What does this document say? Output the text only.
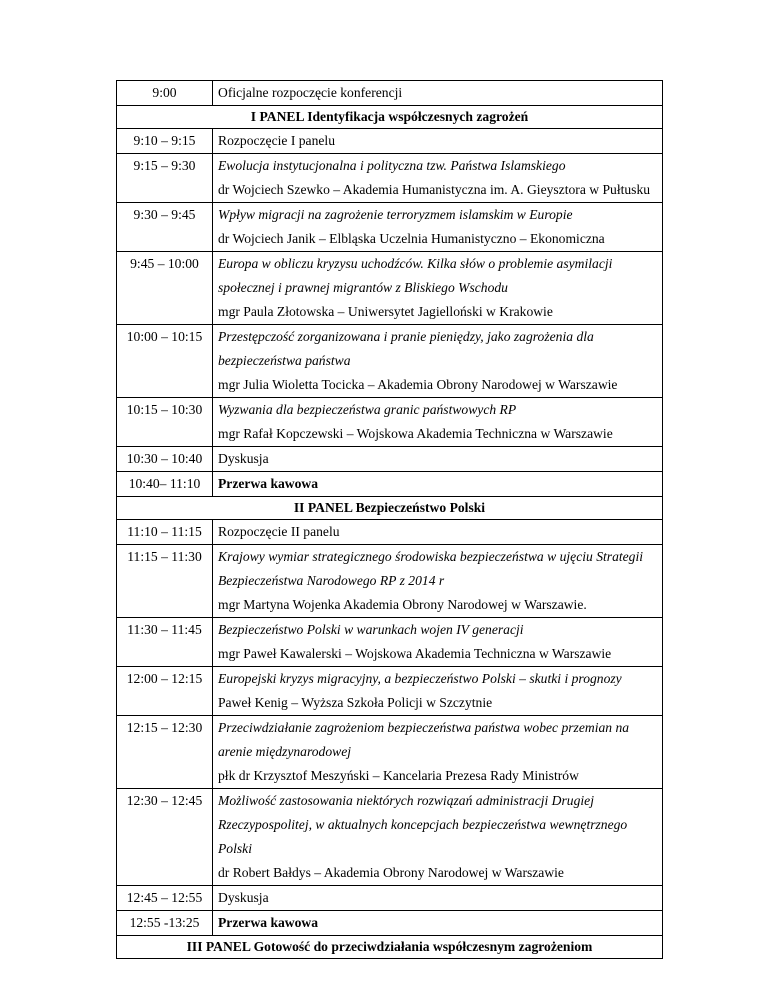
9:00	Oficjalne rozpoczęcie konferencji

I PANEL Identyfikacja współczesnych zagrożeń	

9:10 – 9:15	Rozpoczęcie I panelu

9:15 – 9:30	Ewolucja instytucjonalna i polityczna tzw. Państwa Islamskiego
dr Wojciech Szewko – Akademia Humanistyczna im. A. Gieysztora w Pułtusku

9:30 – 9:45	Wpływ migracji na zagrożenie terroryzmem islamskim w Europie
dr Wojciech Janik – Elbląska Uczelnia Humanistyczno – Ekonomiczna

9:45 – 10:00	Europa w obliczu kryzysu uchodźców. Kilka słów o problemie asymilacji
społecznej i prawnej migrantów z Bliskiego Wschodu
mgr Paula Złotowska – Uniwersytet Jagielloński w Krakowie

10:00 – 10:15	Przestępczość zorganizowana i pranie pieniędzy, jako zagrożenia dla
bezpieczeństwa państwa
mgr Julia Wioletta Tocicka – Akademia Obrony Narodowej w Warszawie

10:15 – 10:30	Wyzwania dla bezpieczeństwa granic państwowych RP
mgr Rafał Kopczewski – Wojskowa Akademia Techniczna w Warszawie

10:30 – 10:40	Dyskusja

10:40– 11:10	Przerwa kawowa

II PANEL Bezpieczeństwo Polski	

11:10 – 11:15	Rozpoczęcie II panelu

11:15 – 11:30	Krajowy wymiar strategicznego środowiska bezpieczeństwa w ujęciu Strategii
Bezpieczeństwa Narodowego RP z 2014 r
mgr Martyna Wojenka Akademia Obrony Narodowej w Warszawie.

11:30 – 11:45	Bezpieczeństwo Polski w warunkach wojen IV generacji
mgr Paweł Kawalerski – Wojskowa Akademia Techniczna w Warszawie

12:00 – 12:15	Europejski kryzys migracyjny, a bezpieczeństwo Polski – skutki i prognozy
Paweł Kenig – Wyższa Szkoła Policji w Szczytnie

12:15 – 12:30	Przeciwdziałanie zagrożeniom bezpieczeństwa państwa wobec przemian na
arenie międzynarodowej
płk dr Krzysztof Meszyński – Kancelaria Prezesa Rady Ministrów

12:30 – 12:45	Możliwość zastosowania niektórych rozwiązań administracji Drugiej
Rzeczypospolitej, w aktualnych koncepcjach bezpieczeństwa wewnętrznego
Polski
dr Robert Bałdys – Akademia Obrony Narodowej w Warszawie

12:45 – 12:55	Dyskusja

12:55 -13:25	Przerwa kawowa

III PANEL Gotowość do przeciwdziałania współczesnym zagrożeniom	
